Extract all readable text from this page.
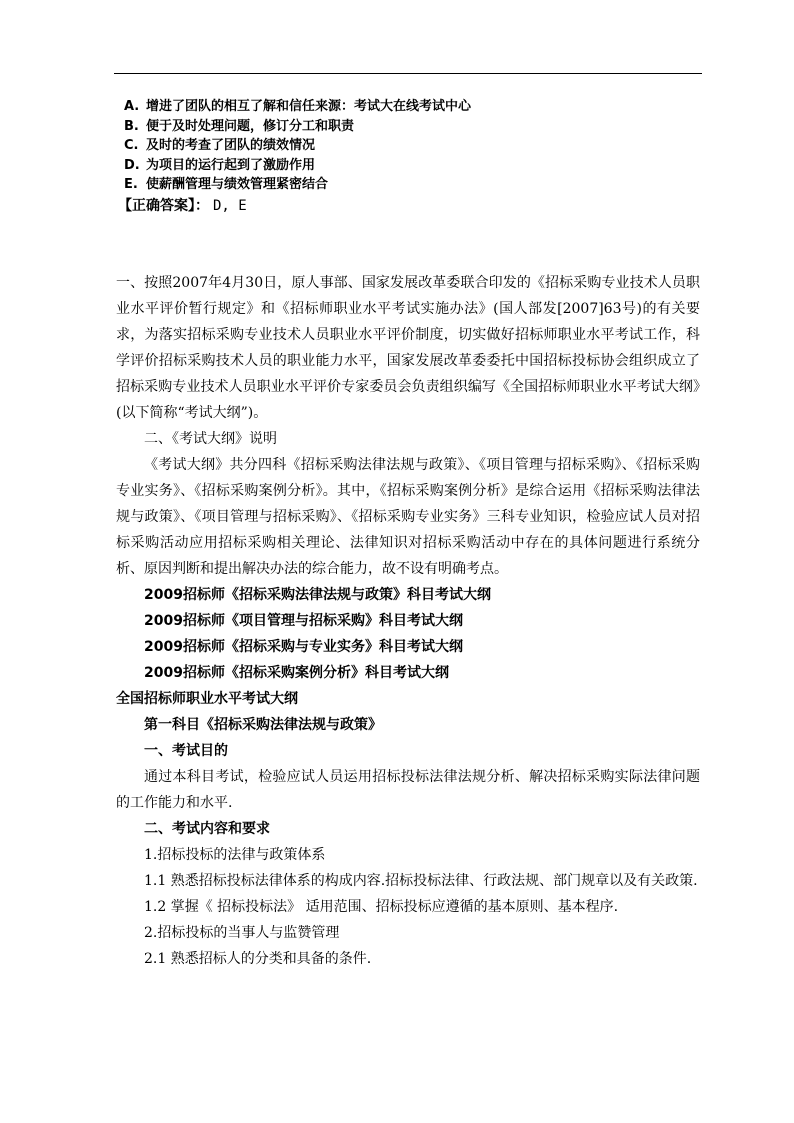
A. 增进了团队的相互了解和信任来源：考试大在线考试中心
B. 便于及时处理问题，修订分工和职责
C. 及时的考查了团队的绩效情况
D. 为项目的运行起到了激励作用
E. 使薪酬管理与绩效管理紧密结合
【正确答案】： D, E

一、按照2007年4月30日，原人事部、国家发展改革委联合印发的《招标采购专业技术人员职业水平评价暂行规定》和《招标师职业水平考试实施办法》(国人部发[2007]63号)的有关要求，为落实招标采购专业技术人员职业水平评价制度，切实做好招标师职业水平考试工作，科学评价招标采购技术人员的职业能力水平，国家发展改革委委托中国招标投标协会组织成立了招标采购专业技术人员职业水平评价专家委员会负责组织编写《全国招标师职业水平考试大纲》(以下简称“考试大纲”)。

二、《考试大纲》说明

《考试大纲》共分四科《招标采购法律法规与政策》、《项目管理与招标采购》、《招标采购专业实务》、《招标采购案例分析》。其中，《招标采购案例分析》是综合运用《招标采购法律法规与政策》、《项目管理与招标采购》、《招标采购专业实务》三科专业知识，检验应试人员对招标采购活动应用招标采购相关理论、法律知识对招标采购活动中存在的具体问题进行系统分析、原因判断和提出解决办法的综合能力，故不设有明确考点。

2009招标师《招标采购法律法规与政策》科目考试大纲
2009招标师《项目管理与招标采购》科目考试大纲
2009招标师《招标采购与专业实务》科目考试大纲
2009招标师《招标采购案例分析》科目考试大纲
全国招标师职业水平考试大纲
第一科目《招标采购法律法规与政策》
一、考试目的

通过本科目考试，检验应试人员运用招标投标法律法规分析、解决招标采购实际法律问题的工作能力和水平.

二、考试内容和要求
1.招标投标的法律与政策体系

1.1 熟悉招标投标法律体系的构成内容.招标投标法律、行政法规、部门规章以及有关政策.

1.2 掌握《 招标投标法》 适用范围、招标投标应遵循的基本原则、基本程序.
2.招标投标的当事人与监赞管理
2.1 熟悉招标人的分类和具备的条件.
